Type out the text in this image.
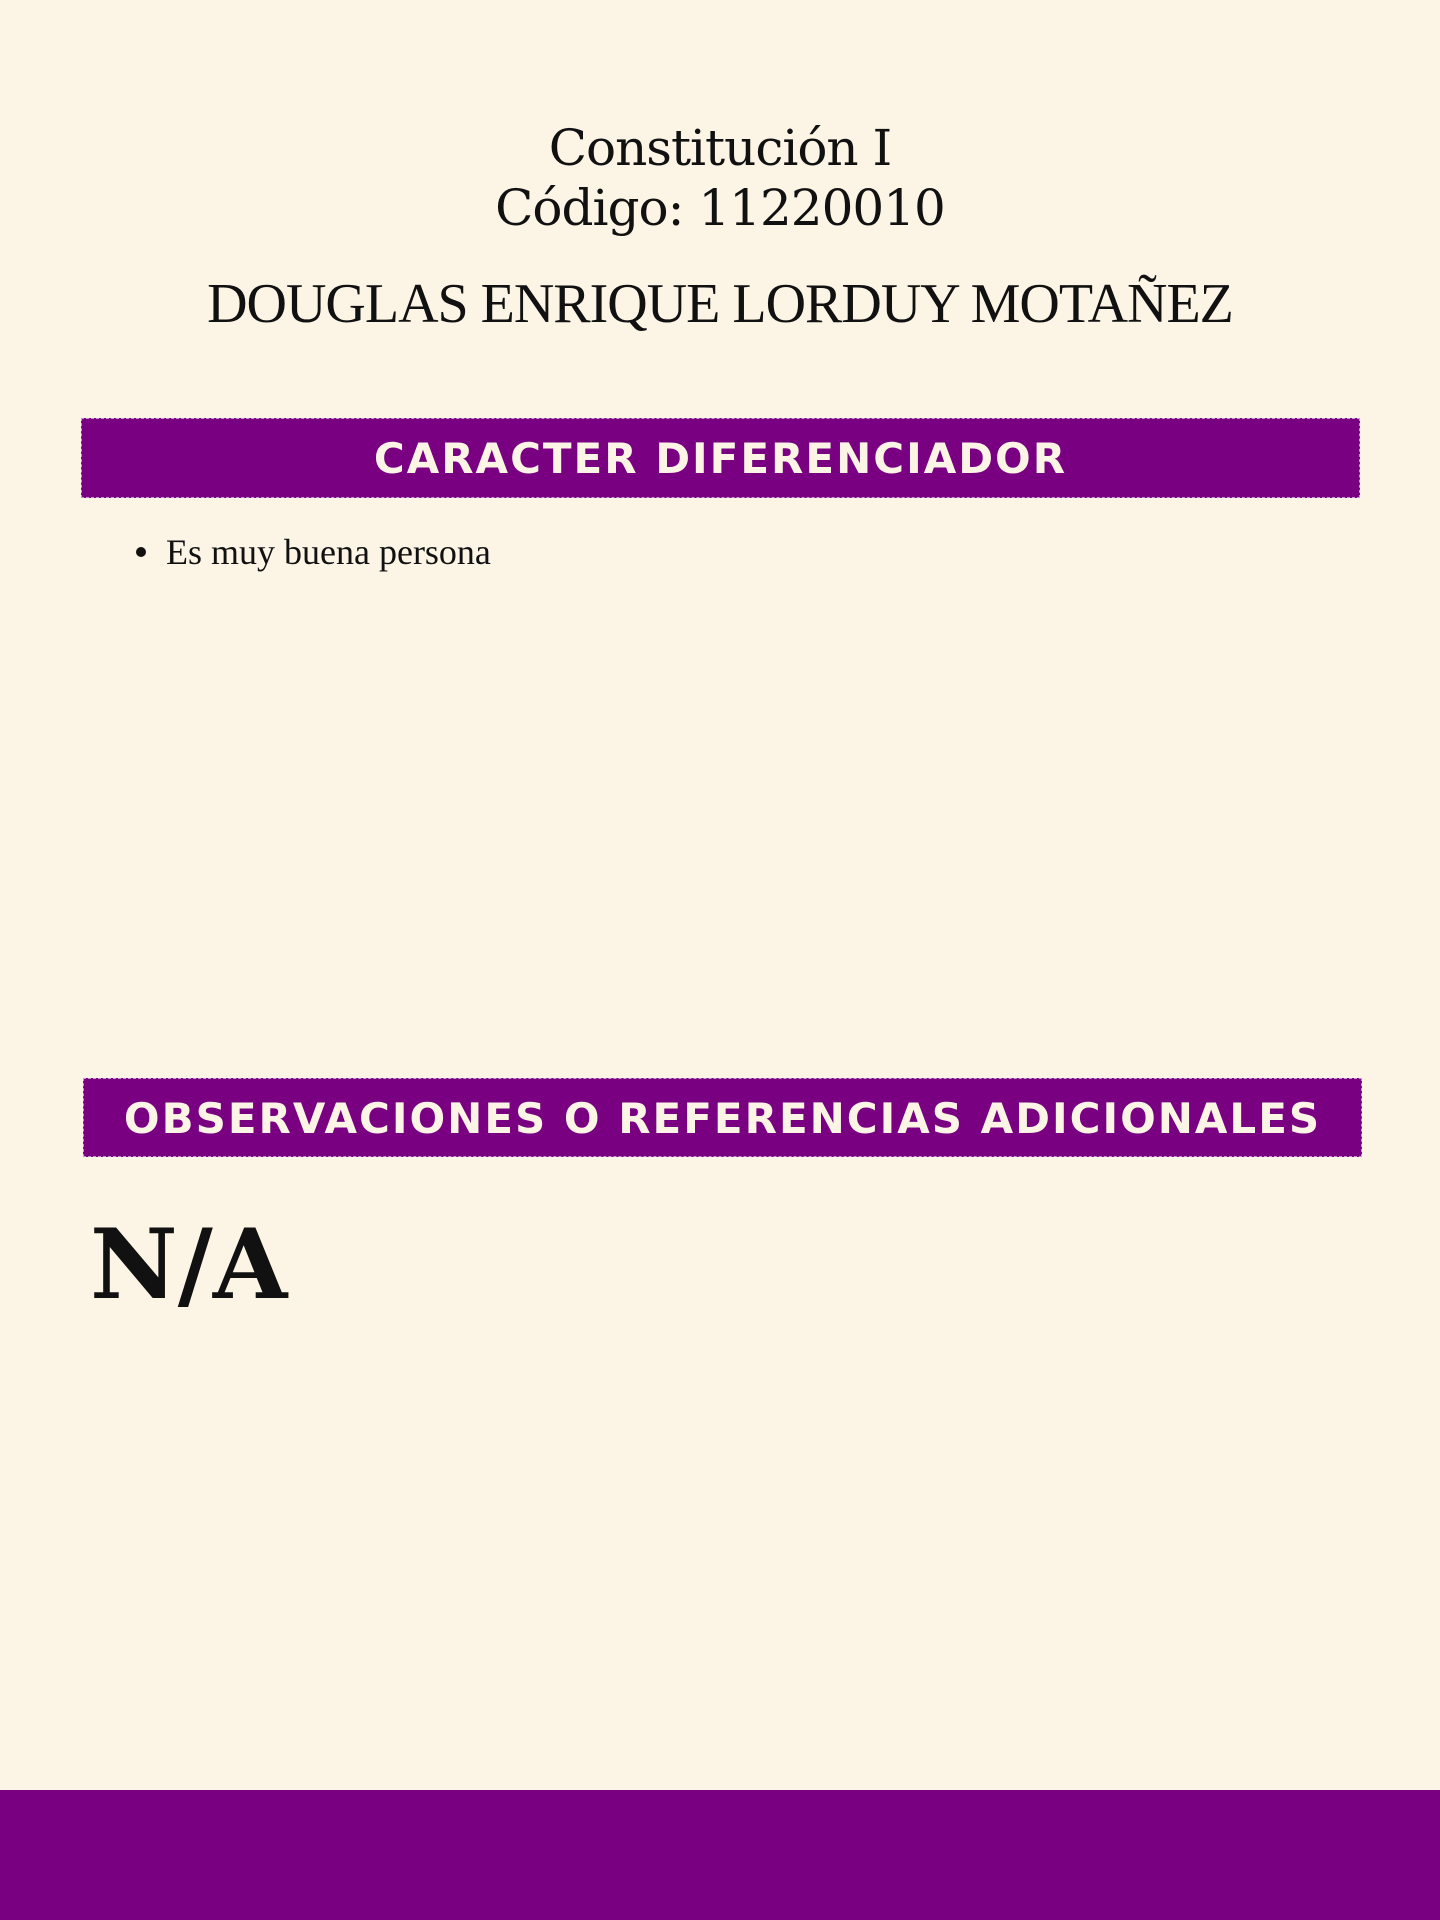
Constitución I
Código: 11220010
DOUGLAS ENRIQUE LORDUY MOTAÑEZ
CARACTER DIFERENCIADOR
Es muy buena persona
OBSERVACIONES O REFERENCIAS ADICIONALES
N/A
